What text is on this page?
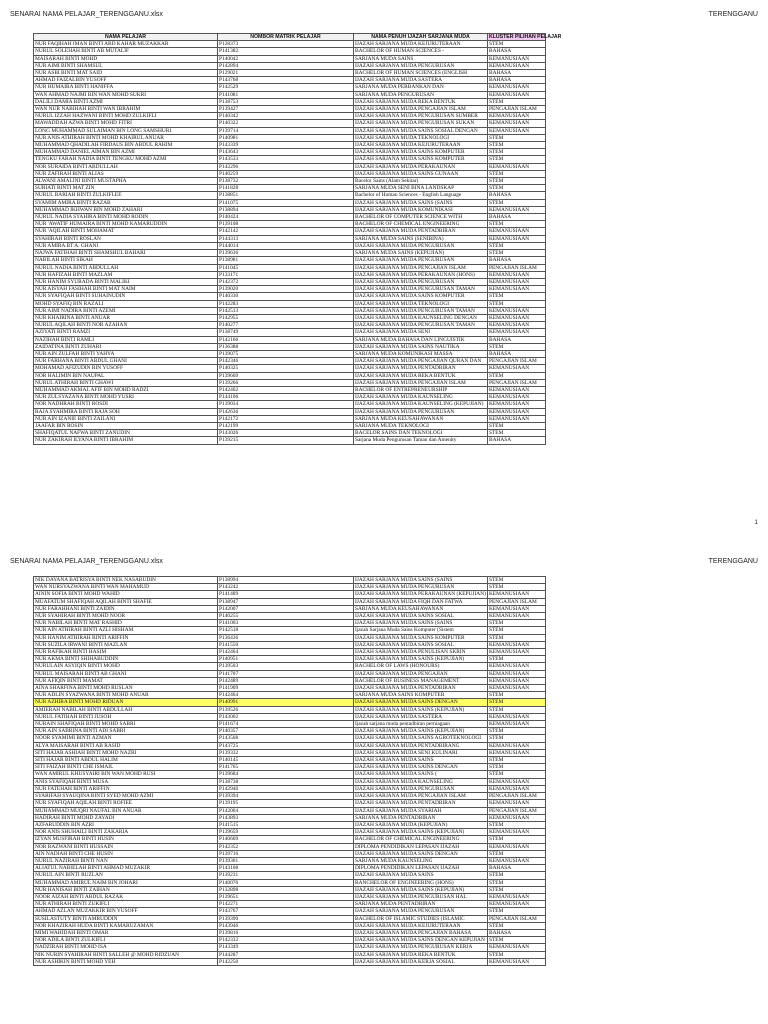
SENARAI NAMA PELAJAR_TERENGGANU.xlsx	TERENGGANU
NAMA PELAJAR	NOMBOR MATRIK PELAJAR	NAMA PENUH IJAZAH SARJANA MUDA	KLUSTER PILIHAN PELAJAR
NUR FAQIHAH IMAN BINTI ABD KAHAR MUZAKKAR	P128373	IJAZAH SARJANA MUDA KEJURUTERAAN	STEM
NURUL SOLEHAH BINTI AB MUTALIF	P141382	BACHELOR OF HUMAN SCIENCES -	BAHASA
MAISARAH BINTI MOHD	P140042	SARJANA MUDA SAINS	KEMANUSIAAN
NUR AIMI BINTI SHAMSUL	P142894	IJAZAH SARJANA MUDA PENGURUSAN	KEMANUSIAAN
NUR ASBI BINTI MAT SAID	P129021	BACHELOR OF HUMAN SCIENCES (ENGLISH	BAHASA
AHMAD FAIZALBIN YUSOFF	P143768	IJAZAH SARJANA MUDA SASTERA	BAHASA
NUR HUMAIRA BINTI HANIFFA	P142529	SARJANA MUDA PERBANKAN DAN	KEMANUSIAAN
WAN AHMAD NAJMI BIN WAN MOHD SUKRI	P141081	SARJANA MUDA PENGURUSAN	KEMANUSIAAN
DALILI DAMIA BINTI AZMI	P138753	IJAZAH SARJANA MUDA REKA BENTUK	STEM
WAN NUR NABIHAH BINTI WAN IBRAHIM	P139427	IJAZAH SARJANA MUDA PENGAJIAN ISLAM	PENGAJIAN ISLAM
NURUL IZZAH HAZWANI BINTI MOHD ZULKIFLI	P140342	IJAZAH SARJANA MUDA PENGURUSAN SUMBER	KEMANUSIAAN
MAWADDAH AZWA BINTI MOHD FITRI	P140322	IJAZAH SARJANA MUDA PENGURUSAN SUKAN	KEMANUSIAAN
LONG MUHAMMAD SULAIMAN BIN LONG SAMSHURI	P139714	IJAZAH SARJANA MUDA SAINS SOSIAL DENGAN	KEMANUSIAAN
NUR ANIS ATHIRAH BINTI MOHD KHAIRUL ANUAR	P140981	IJAZAH SARJANA MUDA TEKNOLOGI	STEM
MUHAMMAD QHADILAH FIRDAUS BIN ABDUL RAHIM	P143339	IJAZAH SARJANA MUDA KEJURUTERAAN	STEM
MUHAMMAD DANIEL AIMAN BIN AZMI	P143643	IJAZAH SARJANA MUDA SAINS KOMPUTER	STEM
TENGKU FARAH NADIA BINTI TENGKU MOHD AZMI	P143533	IJAZAH SARJANA MUDA SAINS KOMPUTER	STEM
NOR SURAIDA BINTI ABDULLAH	P142296	IJAZAH SARJANA MUDA PERAKAUNAN	KEMANUSIAAN
NUR ZAFIRAH BINTI ALIAS	P140259	IJAZAH SARJANA MUDA SAINS GUNAAN	STEM
ALWANI AMALINI BINTI MUSTAPHA	P138732	Bacelor Sains (Alam Sekitar)	STEM
SURIATI BINTI MAT ZIN	P141828	SARJANA MUDA SENI BINA LANDSKAP	STEM
NURUL BARIAH BINTI ZULKIFLEE	P138851	Bachelor of Human Sciences - English Language	BAHASA
SYAMIM AMIRA BINTI RAZAB	P141075	IJAZAH SARJANA MUDA SAINS (SAINS	STEM
MUHAMMAD IKHWAN BIN MOHD ZAHARI	P138894	IJAZAH SARJANA MUDA KOMUNIKASI	KEMANUSIAAN
NURUL NADIA SYAHIRA BINTI MOHD RODIN	P140424	BACHELOR OF COMPUTER SCIENCE WITH	BAHASA
NUR 'AWATIF HUMAIRA BINTI MOHD KAMARUDDIN	P139108	BACHELOR OF CHEMICAL ENGINEERING	STEM
NUR 'AQILAH BINTI MOHAMAT	P142142	IJAZAH SARJANA MUDA PENTADBIRAN	KEMANUSIAAN
SYAHIRAH BINTI ROSLAN	P144313	SARJANA MUDA SAINS (SENIBINA)	KEMANUSIAAN
NUR AMIRA BT A. GHANI	P144014	IJAZAH SARJANA MUDA PENGURUSAN	STEM
NAJWA FATIHAH BINTI SHAMSHUL BAHARI	P139636	SARJANA MUDA SAINS (KEPUJIAN)	STEM
NABILAH BINTI SIKAH	P138981	IJAZAH SARJANA MUDA PENGURUSAN	BAHASA
NURUL NADIA BINTI ABDULLAH	P141045	IJAZAH SARJANA MUDA PENGAJIAN ISLAM	PENGAJIAN ISLAM
NUR HAFIZAH BINTI MAZLAM	P133171	IJAZAH SARJANA MUDA PERAKAUNAN (HONS)	KEMANUSIAAN
NUR HANIM SYURADA BINTI MALIKI	P142372	IJAZAH SARJANA MUDA PENGURUSAN	KEMANUSIAAN
NUR AISYAH FASIHAH BINTI MAT NAIM	P139020	IJAZAH SARJANA MUDA PENGURUSAN TAMAN	KEMANUSIAAN
NUR SYAFIQAH BINTI SUHAINUDIN	P140330	IJAZAH SARJANA MUDA SAINS KOMPUTER	STEM
MOHD SYAFIQ BIN RAZALI	P142283	IJAZAH SARJANA MUDA TEKNOLOGI	STEM
NUR AIMI NADIRA BINTI AZEMI	P142513	IJAZAH SARJANA MUDA PENGURUSAN TAMAN	KEMANUSIAAN
NUR KHAIRINA BINTI ANUAR	P142955	IJAZAH SARJANA MUDA KAUNSELING DENGAN	KEMANUSIAAN
NURUL AQILAH BINTI NOR AZAHAN	P140277	IJAZAH SARJANA MUDA PENGURUSAN TAMAN	KEMANUSIAAN
AZIYATI BINTI RAMZI	P138749	IJAZAH SARJANA MUDA SENI	KEMANUSIAAN
NAZIHAH BINTI RAMLI	P142166	SARJANA MUDA BAHASA DAN LINGUISTIK	BAHASA
ZAIDATINA BINTI ZUHARI	P136388	IJAZAH SARJANA MUDA SAINS NAUTIKA	STEM
NUR AIN ZULFAH BINTI YAHYA	P139075	SARJANA MUDA KOMUNIKASI MASSA	BAHASA
NUR FARHANA BINTI ABDUL GHANI	P142346	IJAZAH SARJANA MUDA PENGAJIAN QURAN DAN	PENGAJIAN ISLAM
MOHAMAD AFIZUDIN BIN YUSOFF	P140325	IJAZAH SARJANA MUDA PENTADBIRAN	KEMANUSIAAN
NOR HALIMIN BIN NAUPAL	P139669	IJAZAH SARJANA MUDA REKA BENTUK	STEM
NURUL ATHIRAH BINTI GHAWI	P139266	IJAZAH SARJANA MUDA PENGAJIAN ISLAM	PENGAJIAN ISLAM
MUHAMMAD AKMAL AFIF BIN MOHD RADZI	P142402	BACHELOR OF ENTREPRENEURSHIP	KEMANUSIAAN
NUR ZULSYAZANA BINTI MOHD YUSRI	P144106	IJAZAH SARJANA MUDA KAUNSELING	KEMANUSIAAN
NOR NADHRAH BINTI ROSDI	P139034	IJAZAH SARJANA MUDA KAUNSELING (KEPUJIAN)	KEMANUSIAAN
RAJA SYAHMIRA BINTI RAJA SOH	P142636	IJAZAH SARJANA MUDA PENGURUSAN	KEMANUSIAAN
NUR AIN IZANIE BINTI ZAILANI	P142172	SARJANA MUDA KEUSAHAWANAN	KEMANUSIAAN
JAAFAR BIN ROSIN	P142199	SARJANA MUDA TEKNOLOGI	STEM
SHAFIQATUL NAFWA BINTI ZANUDIN	P143026	BACELOR SAINS DAN TEKNOLOGI	STEM
NUR ZAKIRAH ILYANA BINTI IBRAHIM	P139215	Sarjana Muda Pengurusan Taman dan Amenity	BAHASA
1
SENARAI NAMA PELAJAR_TERENGGANU.xlsx	TERENGGANU
NIK DAYANA BATRISYA BINTI NEK NASARUDIN	P138994	IJAZAH SARJANA MUDA SAINS (SAINS	STEM
WAN NURSYAZWANA BINTI WAN MAHAMUD	P143242	IJAZAH SARJANA MUDA PENGURUSAN	STEM
AININ SOFIA BINTI MOHD WAHID	P141489	IJAZAH SARJANA MUDA PERAKAUNAN (KEPUJIAN)	KEMANUSIAAN
MUAFATUM SHAFIQAH AQILAH BINTI SHAFIE	P138947	IJAZAH SARJANA MUDA FIQH DAN FATWA	PENGAJIAN ISLAM
NUR FARAHHANI BINTI ZAIDIN	P142007	SARJANA MUDA KEUSAHAWANAN	KEMANUSIAAN
NUR SYAHIRAH BINTI MOHD NOOR	P140255	IJAZAH SARJANA MUDA SAINS SOSIAL	KEMANUSIAAN
NUR NABILAH BINTI MAT RASHID	P141003	IJAZAH SARJANA MUDA SAINS (SAINS	STEM
NUR AIN ATHIRAH BINTI AZLI HISHAM	P142518	Ijazah Sarjana Muda Sains Komputer (Sistem	STEM
NUR HANIM ATHIRAH BINTI ARIFFIN	P136436	IJAZAH SARJANA MUDA SAINS KOMPUTER	STEM
NUR SUZILA IRWANI BINTI MAZLAN	P141550	IJAZAH SARJANA MUDA SAINS SOSIAL	KEMANUSIAAN
NUR RAFIKAH BINTI HASIM	P142464	IJAZAH SARJANA MUDA PENULISAN SKRIN	KEMANUSIAAN
NUR AKMA BINTI SHIHABUDDIN	P140951	IJAZAH SARJANA MUDA SAINS (KEPUJIAN)	STEM
NURULAIN ASYIQIN BINTI MOHD	P139503	BACHELOR OF LAWS (HONOURS)	KEMANUSIAAN
NURUL MAISARAH BINTI AB GHANI	P141707	IJAZAH SARJANA MUDA PENGAJIAN	KEMANUSIAAN
NUR AFIQIN BINTI MAMAT	P142489	BACHELOR OF BUSINESS MANAGEMENT	KEMANUSIAAN
AINA SHARFINA BINTI MOHD RUSLAN	P141909	IJAZAH SARJANA MUDA PENTADBIRAN	KEMANUSIAAN
NUR ADLIN SYAZWANA BINTI MOHD ANUAR	P142464	SARJANA MUDA SAINS KOMPUTER	STEM
NUR AZHIRA BINTI MOHD RIDUAN	P140991	IJAZAH SARJANA MUDA SAINS DENGAN	STEM
AMIERAH NABILAH BINTI ABDULLAH	P139526	IJAZAH SARJANA MUDA SAINS (KEPUJIAN)	STEM
NURUL FATIHAH BINTI JUSOH	P143002	IJAZAH SARJANA MUDA SASTERA	KEMANUSIAAN
NURAIN SHAFIQAH BINTI MOHD SABRI	P141674	Ijazah sarjana muda pentadbiran perniagaan	KEMANUSIAAN
NUR AIN SABRINA BINTI ADI SABRI	P140357	IJAZAH SARJANA MUDA SAINS (KEPUJIAN)	STEM
NOOR SYAMIMI BINTI AZMAN	P143568	IJAZAH SARJANA MUDA SAINS AGROTEKNOLOGI	STEM
ALYA MAISARAH BINTI AB RASID	P143725	IJAZAH SARJANA MUDA PENTADBIRANG	KEMANUSIAAN
SITI HAJAR ASHIAH BINTI MOHD NAZRI	P139332	IJAZAH SARJANA MUDA SENI KULINARI	KEMANUSIAAN
SITI HAJAR BINTI ABDUL HALIM	P140145	IJAZAH SARJANA MUDA SAINS	STEM
SITI FAIZAH BINTI CHE ISMAIL	P141765	IJAZAH SARJANA MUDA SAINS DENGAN	STEM
WAN AMIRUL KHUSYAIRI BIN WAN MOHD RUSI	P139684	IJAZAH SARJANA MUDA SAINS (	STEM
ANIS SYAFIQAH BINTI MUSA	P138738	IJAZAH SARJANA MUDA KAUNSELING	KEMANUSIAAN
NUR FATEHAH BINTI ARIFFIN	P142940	IJAZAH SARJANA MUDA PENGURUSAN	KEMANUSIAAN
SYARIFAH SYAUQINA BINTI SYED MOHD AZMI	P139394	IJAZAH SARJANA MUDA PENGAJIAN ISLAM	PENGAJIAN ISLAM
NUR SYAFIQAH AQILAH BINTI ROFIEE	P139195	IJAZAH SARJANA MUDA PENTADBIRAN	KEMANUSIAAN
MUHAMMAD MUQRI NAUFAL BIN ANUAR	P142004	IJAZAH SARJANA MUDA SYARIAH	PENGAJIAN ISLAM
HADIRAH BINTI MOHD ZAYADI	P143893	SARJANA MUDA PENTADBIRAN	KEMANUSIAAN
AZFARUDDIN BIN AZRI	P141515	IJAZAH SARJANA MUDA (KEPUJIAN)	STEM
NOR ANIS SHUHAILI BINTI ZAKARIA	P139659	IJAZAH SARJANA MUDA SAINS (KEPUJIAN)	KEMANUSIAAN
IZYAN MUSFIRAH BINTI HUSIN	P140669	BACHELOR OF CHEMICAL ENGINEERING	STEM
NOR RAZWANI BINTI HUSSAIN	P142352	DIPLOMA PENDIDIKAN LEPASAN IJAZAH	KEMANUSIAAN
AIN NADIAH BINTI CHE HUSIN	P139716	IJAZAH SARJANA MUDA SAINS DENGAN	STEM
NURUL NAZIRAH BINTI NAN	P139301	SARJANA MUDA KAUNSELING	KEMANUSIAAN
ALIATUL NABIELAH BINTI AHMAD MUZAKIR	P143108	DIPLOMA PENDIDIKAN LEPASAN IJAZAH	BAHASA
NURUL AIN BINTI RUZLAN	P139231	IJAZAH SARJANA MUDA SAINS	STEM
MUHAMMAD AMIRUL NAIM BIN JOHARI	P140076	BANCHELOR OF ENGINEERING (HONS)	STEM
NUR HANISAH BINTI ZAIHAN	P132898	IJAZAH SARJANA MUDA SAINS (KEPUJIAN)	STEM
NOOR AIZAH BINTI ABDUL RAZAK	P139651	IJAZAH SARJANA MUDA PENGURUSAN HAL	KEMANUSIAAN
NUR ATHIRAH BINTI ZUKIFLI	P142271	SARJANA MUDA PENTADBIRAN	KEMANUSIAAN
AHMAD AZLAN MUZAKKIR BIN YUSOFF	P143767	IJAZAH SARJANA MUDA PENGURUSAN	STEM
SUSILASTUTY BINTI AMRUDDIN	P139390	BACHELOR OF ISLAMIC STUDIES (ISLAMIC	PENGAJIAN ISLAM
NOR KHAZIRAH HUDA BINTI KAMARUZAMAN	P143946	IJAZAH SARJANA MUDA KEJURUTERAAN	STEM
MIMI WAHIDAH BINTI OMAR	P139816	IJAZAH SARJANA MUDA PENGAJIAN BAHASA	BAHASA
NOR ADILA BINTI ZULKIFLI	P142332	IJAZAH SARJANA MUDA SAINS DENGAN KEPUJIAN	STEM
NADZIRAH BINTI MOHD ISA	P143349	IJAZAH SARJANA MUDA PENGURUSAN KERJA	KEMANUSIAAN
NIK NURIN SYAHIRAH BINTI SALLEH @ MOHD RIDZUAN	P144287	IJAZAH SARJANA MUDA REKA BENTUK	STEM
NUR ASHIKIN BINTI MOHD YEH	P142250	IJAZAH SARJANA MUDA KERJA SOSIAL	KEMANUSIAAN
